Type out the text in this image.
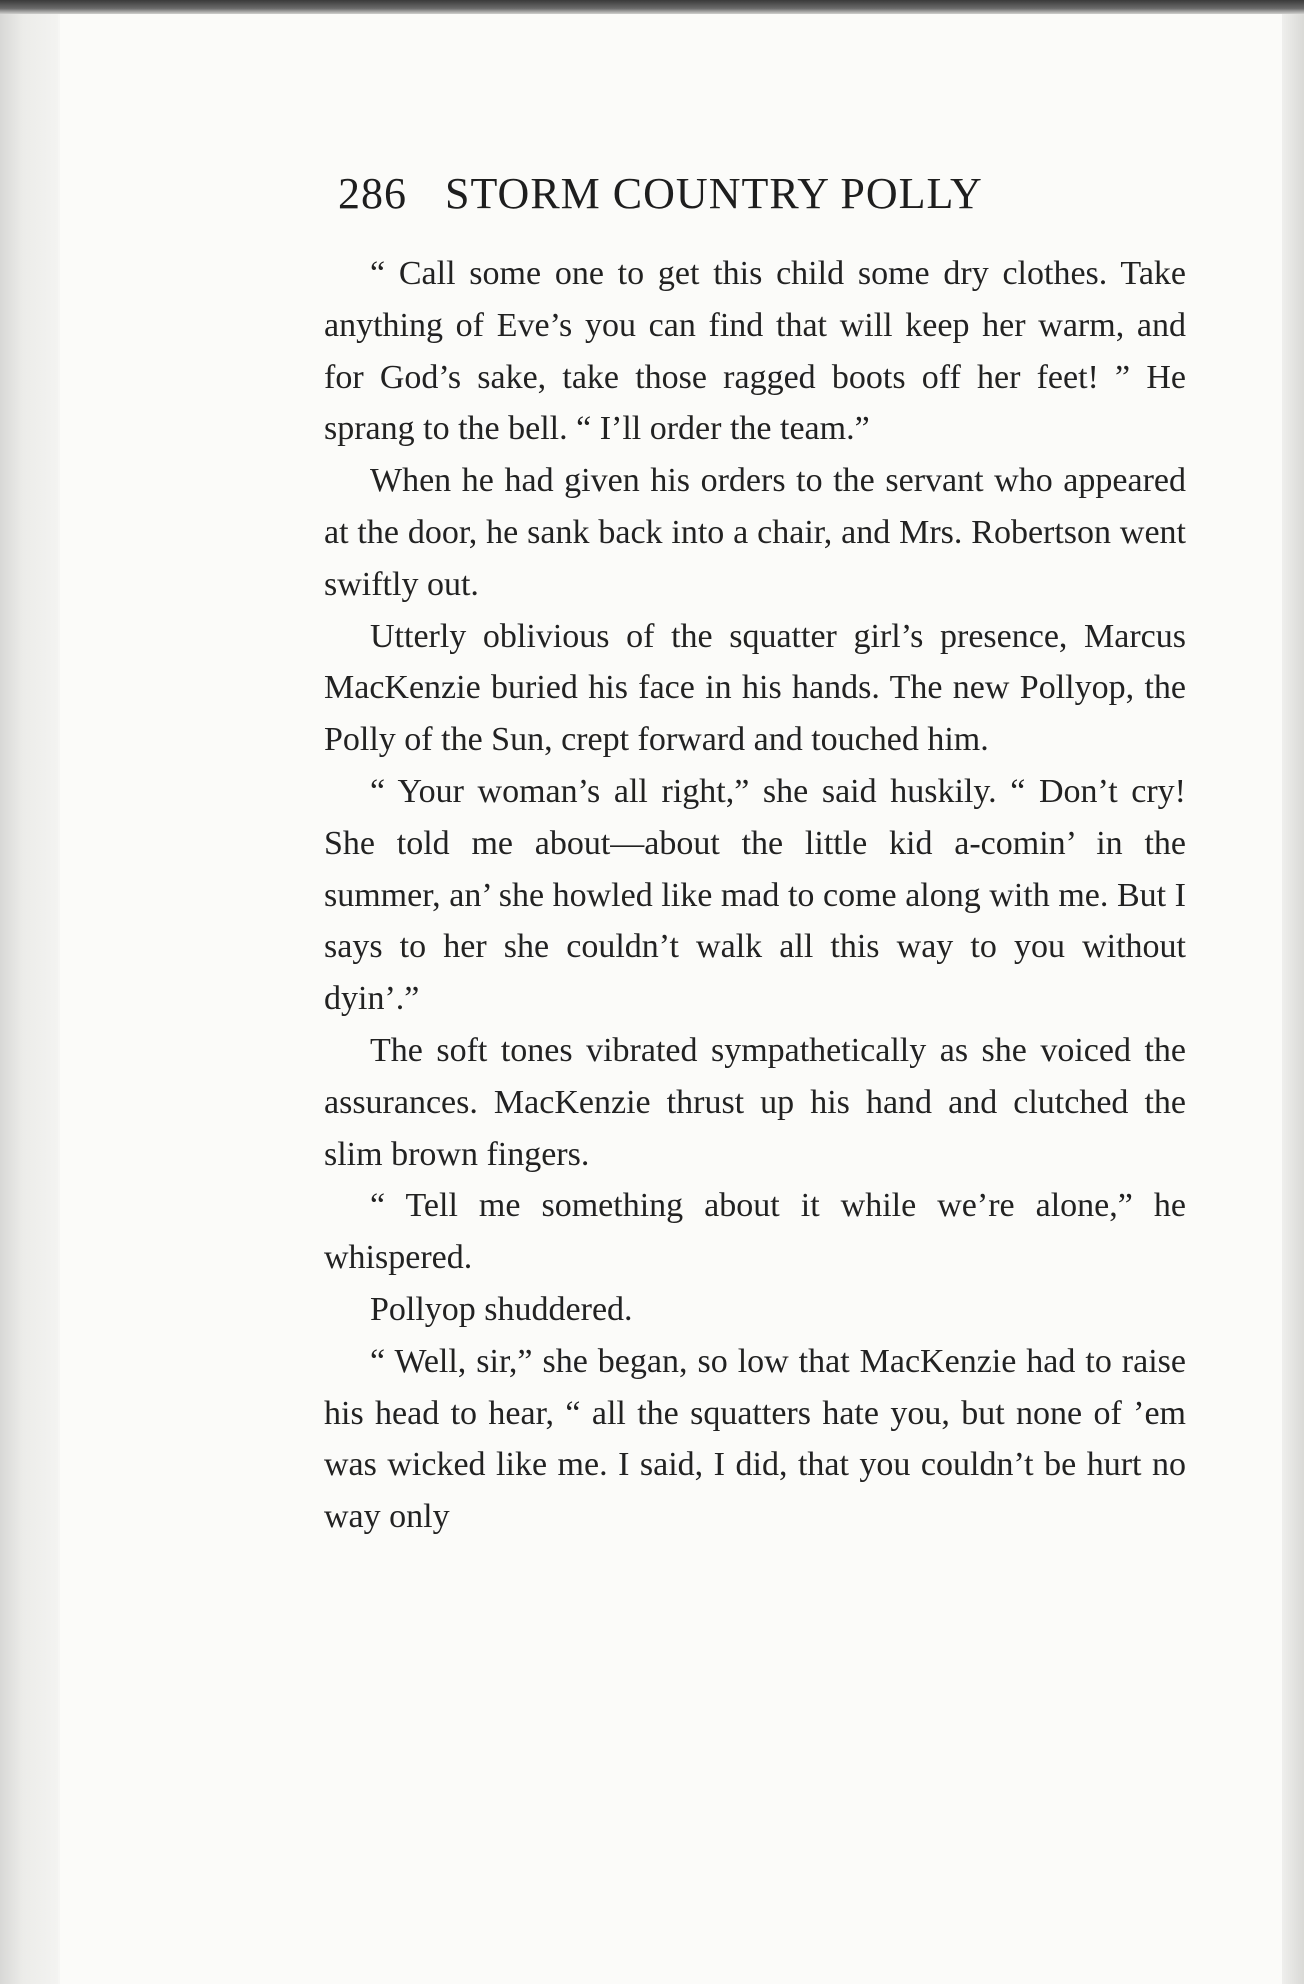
286 STORM COUNTRY POLLY

“ Call some one to get this child some dry clothes. Take anything of Eve’s you can find that will keep her warm, and for God’s sake, take those ragged boots off her feet! ” He sprang to the bell. “ I’ll order the team.”

When he had given his orders to the servant who appeared at the door, he sank back into a chair, and Mrs. Robertson went swiftly out.

Utterly oblivious of the squatter girl’s presence, Marcus MacKenzie buried his face in his hands. The new Pollyop, the Polly of the Sun, crept forward and touched him.

“ Your woman’s all right,” she said huskily. “ Don’t cry! She told me about—about the little kid a-comin’ in the summer, an’ she howled like mad to come along with me. But I says to her she couldn’t walk all this way to you without dyin’.”

The soft tones vibrated sympathetically as she voiced the assurances. MacKenzie thrust up his hand and clutched the slim brown fingers.

“ Tell me something about it while we’re alone,” he whispered.

Pollyop shuddered.

“ Well, sir,” she began, so low that MacKenzie had to raise his head to hear, “ all the squatters hate you, but none of ’em was wicked like me. I said, I did, that you couldn’t be hurt no way only
